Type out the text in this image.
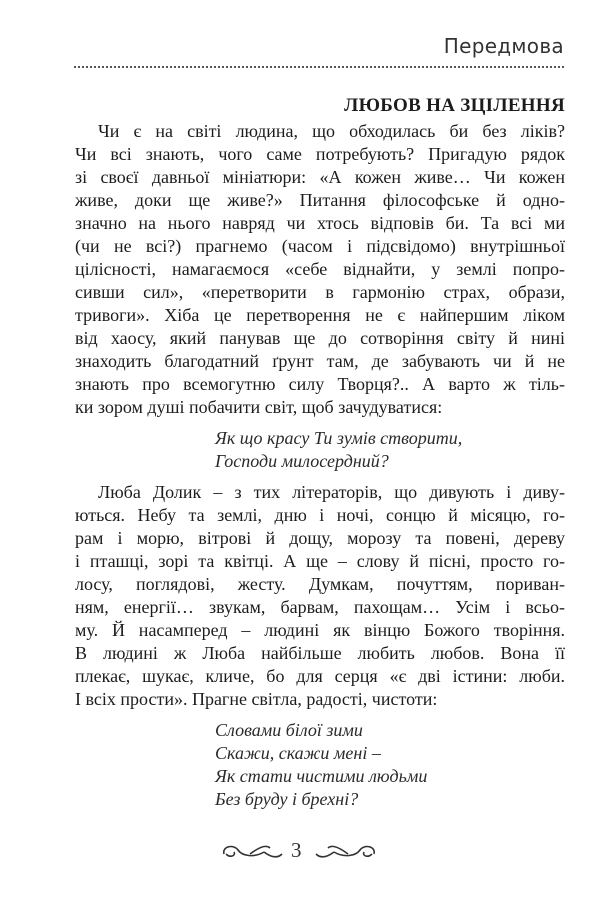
Передмова
ЛЮБОВ НА ЗЦІЛЕННЯ
Чи є на світі людина, що обходилась би без ліків?
Чи всі знають, чого саме потребують? Пригадую рядок
зі своєї давньої мініатюри: «А кожен живе… Чи кожен
живе, доки ще живе?» Питання філософське й одно-
значно на нього навряд чи хтось відповів би. Та всі ми
(чи не всі?) прагнемо (часом і підсвідомо) внутрішньої
цілісності, намагаємося «себе віднайти, у землі попро-
сивши сил», «перетворити в гармонію страх, образи,
тривоги». Хіба це перетворення не є найпершим ліком
від хаосу, який панував ще до сотворіння світу й нині
знаходить благодатний ґрунт там, де забувають чи й не
знають про всемогутню силу Творця?.. А варто ж тіль-
ки зором душі побачити світ, щоб зачудуватися:
Як що красу Ти зумів створити,
Господи милосердний?
Люба Долик – з тих літераторів, що дивують і диву-
ються. Небу та землі, дню і ночі, сонцю й місяцю, го-
рам і морю, вітрові й дощу, морозу та повені, дереву
і пташці, зорі та квітці. А ще – слову й пісні, просто го-
лосу, поглядові, жесту. Думкам, почуттям, пориван-
ням, енергії… звукам, барвам, пахощам… Усім і всьо-
му. Й насамперед – людині як вінцю Божого творіння.
В людині ж Люба найбільше любить любов. Вона її
плекає, шукає, кличе, бо для серця «є дві істини: люби.
І всіх прости». Прагне світла, радості, чистоти:
Словами білої зими
Скажи, скажи мені –
Як стати чистими людьми
Без бруду і брехні?
3
